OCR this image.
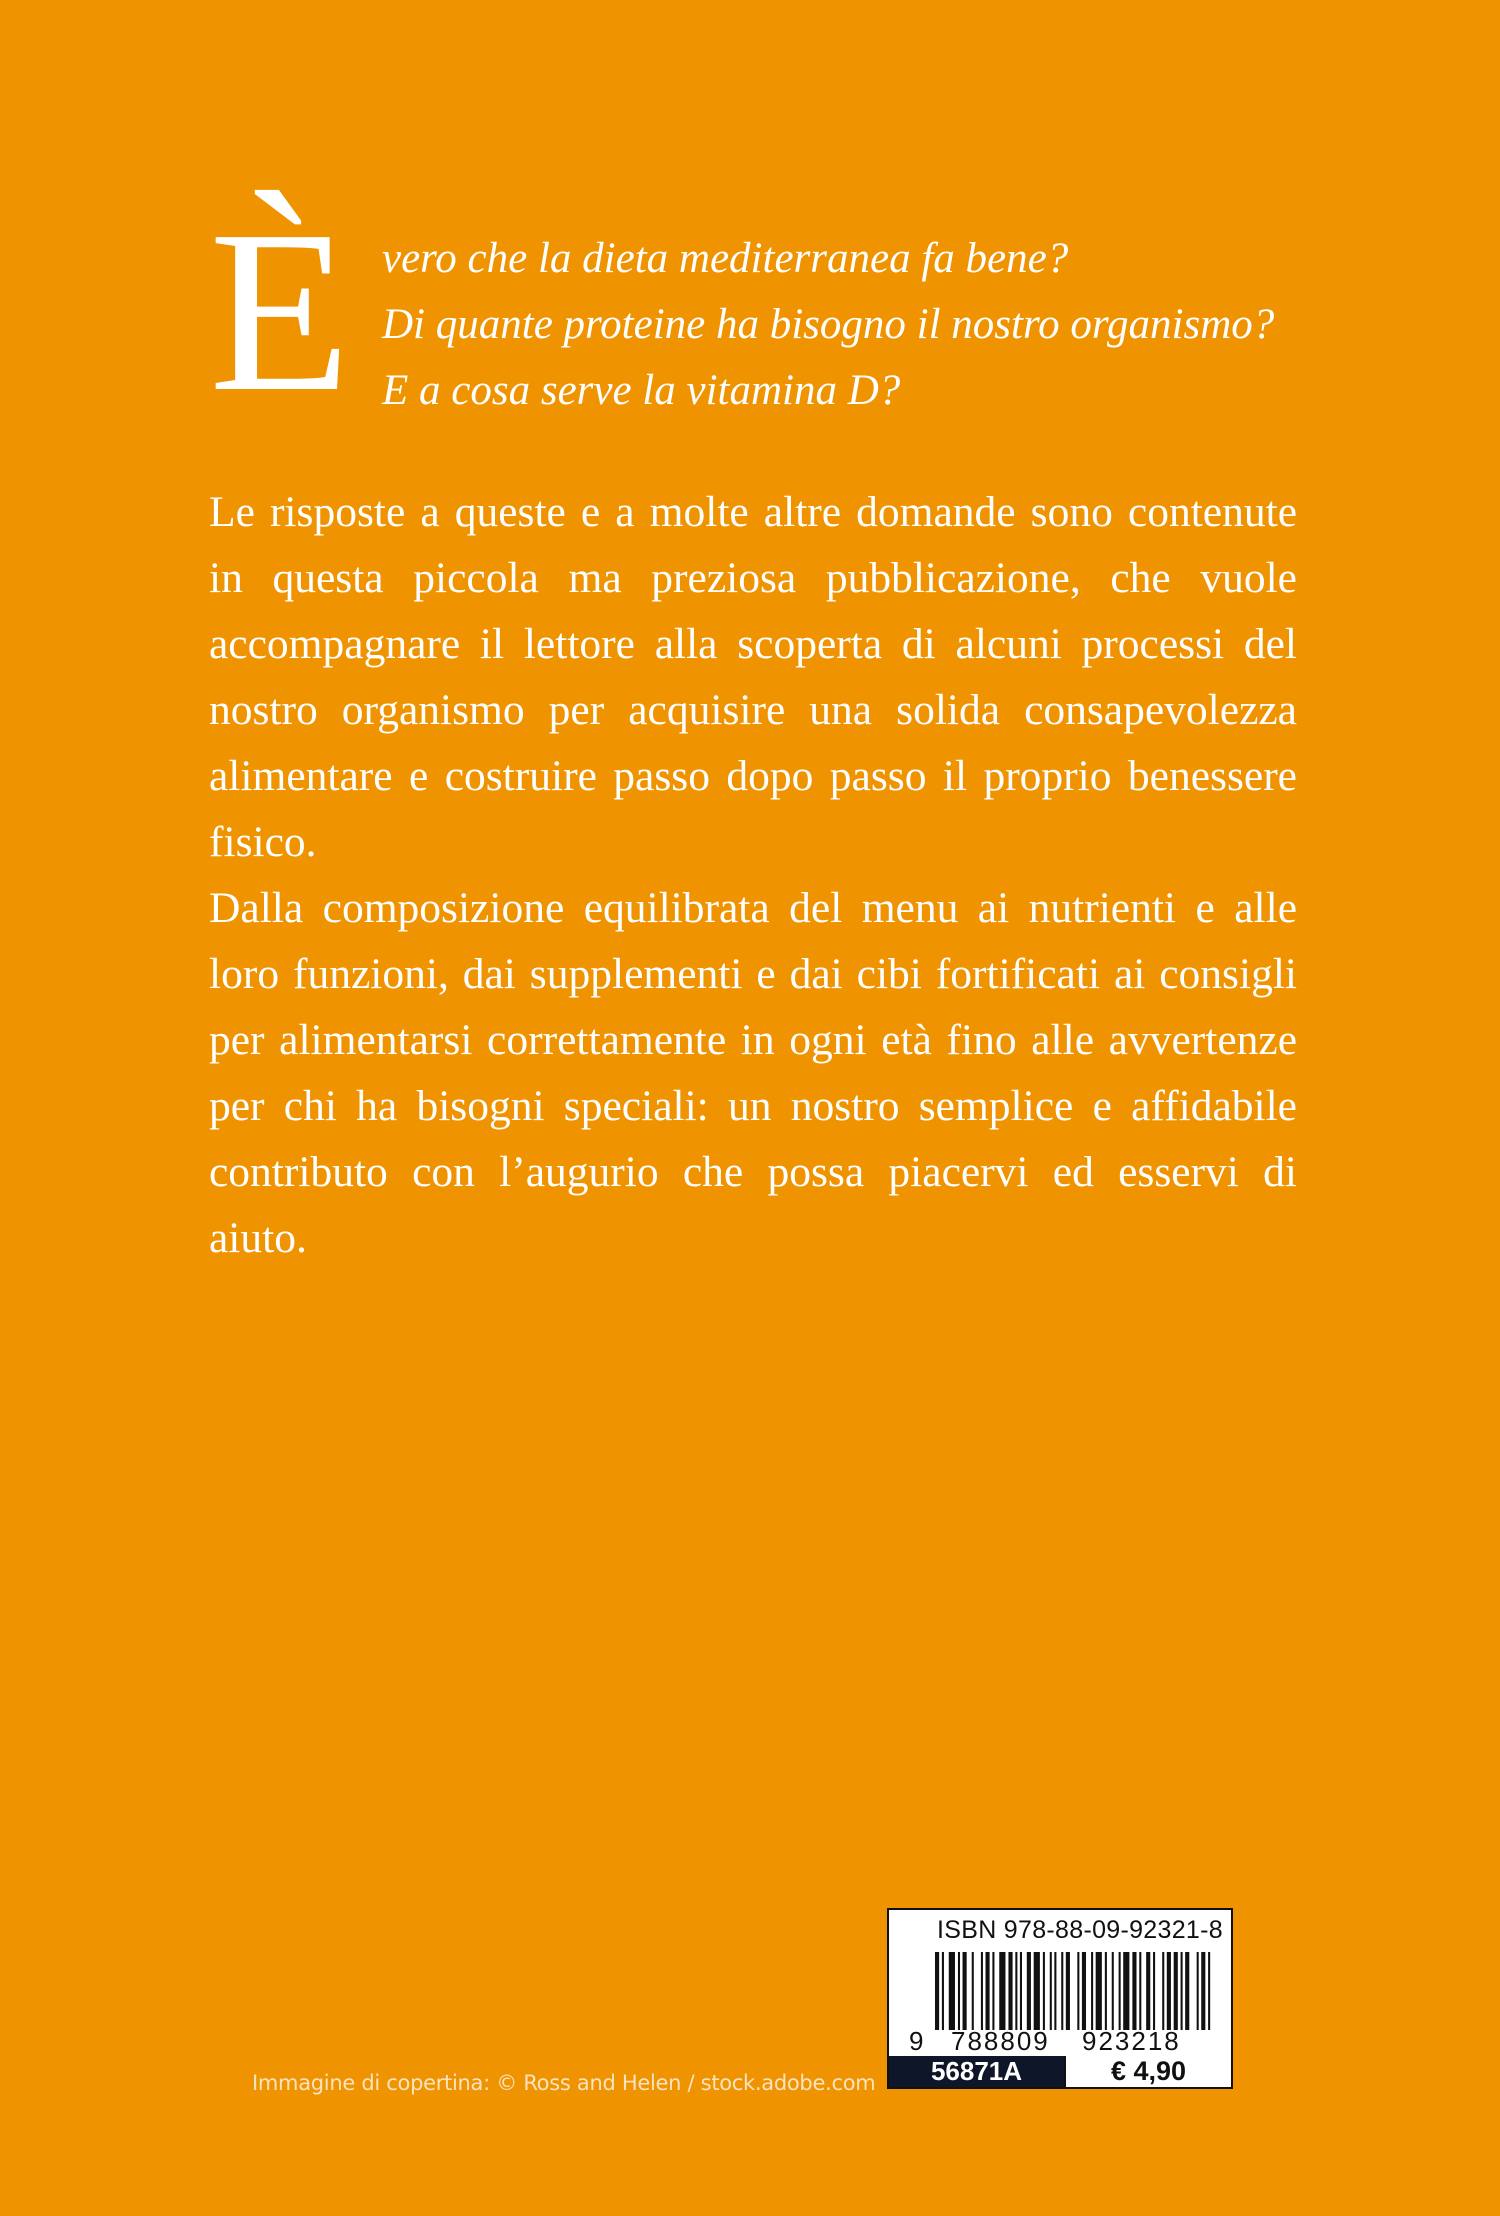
È vero che la dieta mediterranea fa bene?
Di quante proteine ha bisogno il nostro organismo?
E a cosa serve la vitamina D?

Le risposte a queste e a molte altre domande sono contenute in questa piccola ma preziosa pubblicazione, che vuole accompagnare il lettore alla scoperta di alcuni processi del nostro organismo per acquisire una solida consapevolezza alimentare e costruire passo dopo passo il proprio benessere fisico.

Dalla composizione equilibrata del menu ai nutrienti e alle loro funzioni, dai supplementi e dai cibi fortificati ai consigli per alimentarsi correttamente in ogni età fino alle avvertenze per chi ha bisogni speciali: un nostro semplice e affidabile contributo con l’augurio che possa piacervi ed esservi di aiuto.

Immagine di copertina: © Ross and Helen / stock.adobe.com
ISBN 978-88-09-92321-8
9 788809 923218
56871A	€ 4,90
